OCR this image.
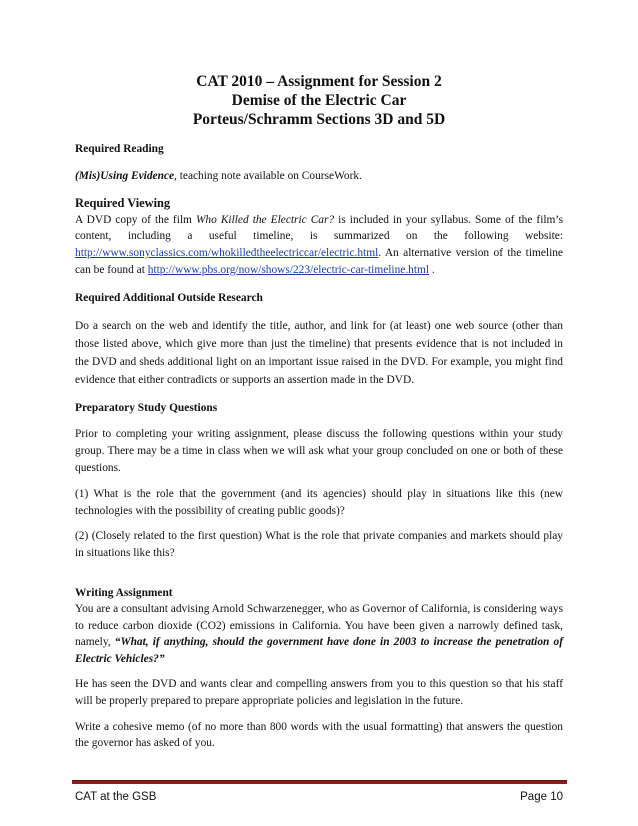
CAT 2010 – Assignment for Session 2
Demise of the Electric Car
Porteus/Schramm Sections 3D and 5D

Required Reading

(Mis)Using Evidence, teaching note available on CourseWork.

Required Viewing

A DVD copy of the film Who Killed the Electric Car? is included in your syllabus. Some of the film’s content, including a useful timeline, is summarized on the following website: http://www.sonyclassics.com/whokilledtheelectriccar/electric.html. An alternative version of the timeline can be found at http://www.pbs.org/now/shows/223/electric-car-timeline.html .

Required Additional Outside Research

Do a search on the web and identify the title, author, and link for (at least) one web source (other than those listed above, which give more than just the timeline) that presents evidence that is not included in the DVD and sheds additional light on an important issue raised in the DVD. For example, you might find evidence that either contradicts or supports an assertion made in the DVD.

Preparatory Study Questions

Prior to completing your writing assignment, please discuss the following questions within your study group. There may be a time in class when we will ask what your group concluded on one or both of these questions.

(1) What is the role that the government (and its agencies) should play in situations like this (new technologies with the possibility of creating public goods)?

(2) (Closely related to the first question) What is the role that private companies and markets should play in situations like this?

Writing Assignment

You are a consultant advising Arnold Schwarzenegger, who as Governor of California, is considering ways to reduce carbon dioxide (CO2) emissions in California. You have been given a narrowly defined task, namely, “What, if anything, should the government have done in 2003 to increase the penetration of Electric Vehicles?”

He has seen the DVD and wants clear and compelling answers from you to this question so that his staff will be properly prepared to prepare appropriate policies and legislation in the future.

Write a cohesive memo (of no more than 800 words with the usual formatting) that answers the question the governor has asked of you.

CAT at the GSB	Page 10
